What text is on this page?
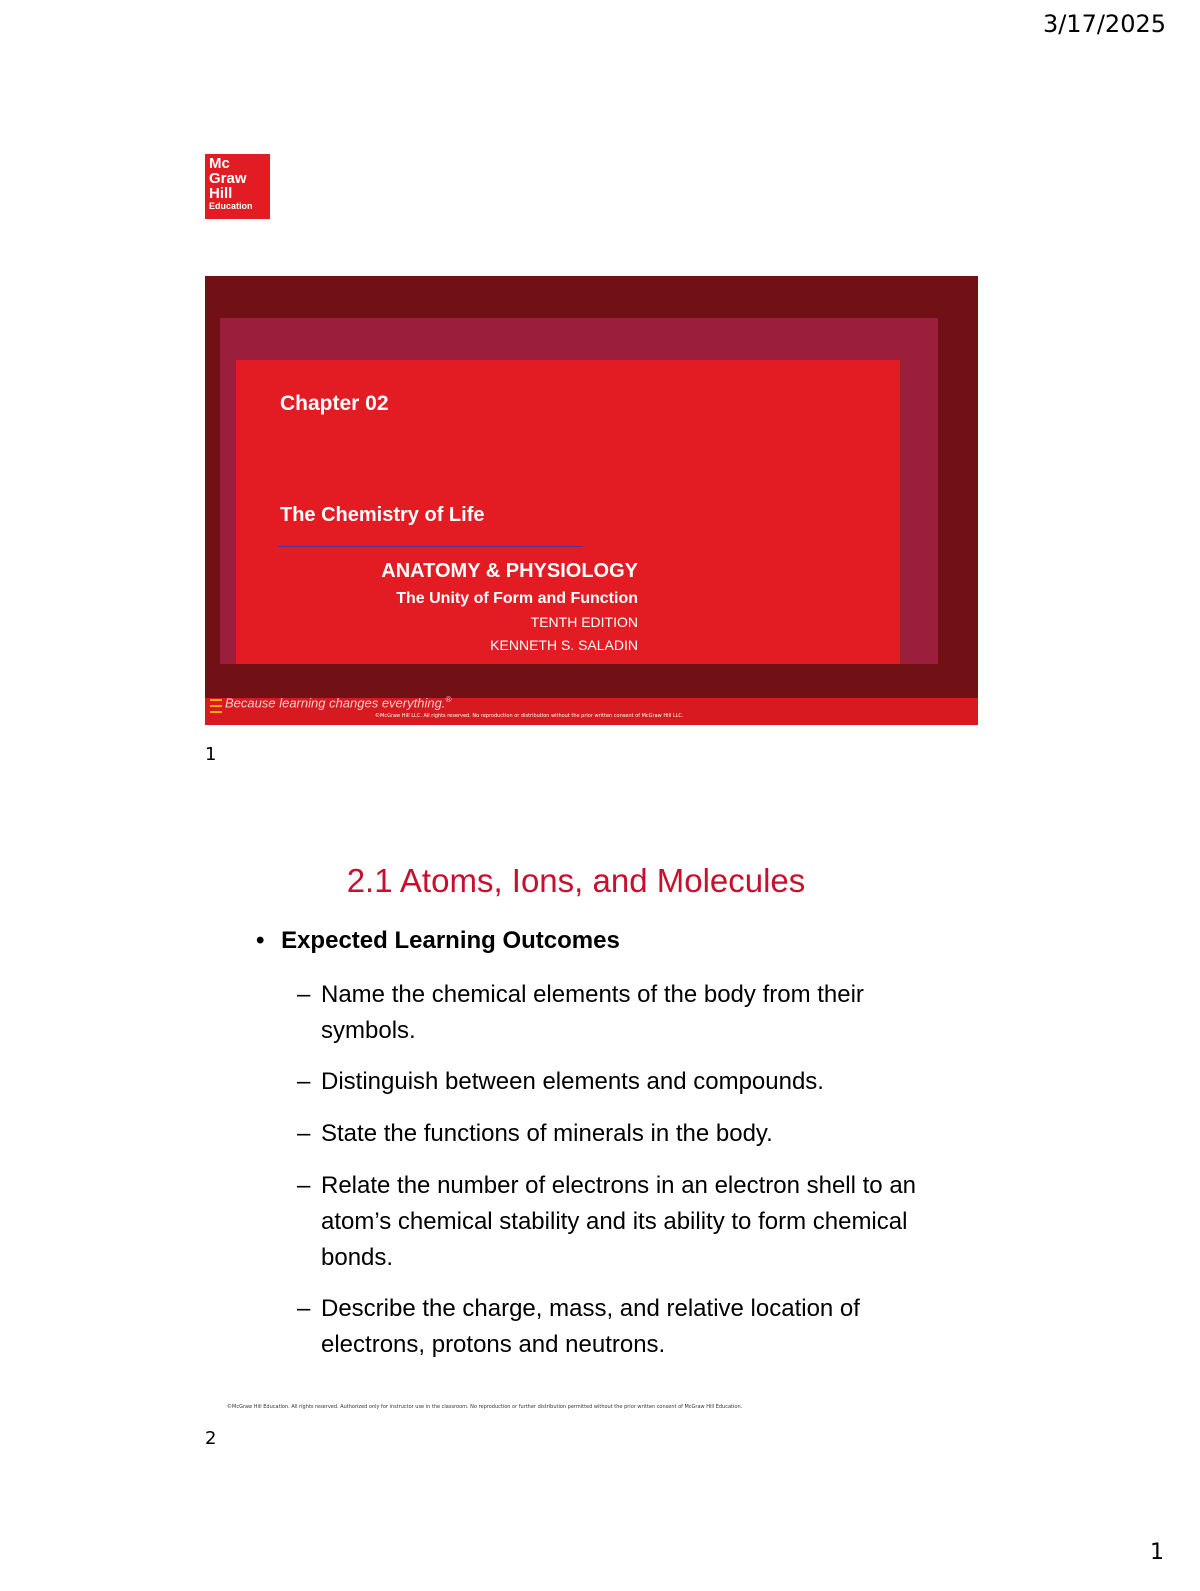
3/17/2025
Mc
Graw
Hill
Education
Chapter 02
The Chemistry of Life
ANATOMY & PHYSIOLOGY
The Unity of Form and Function
TENTH EDITION
KENNETH S. SALADIN
Because learning changes everything.®
©McGraw Hill LLC. All rights reserved. No reproduction or distribution without the prior written consent of McGraw Hill LLC.
1
2.1 Atoms, Ions, and Molecules
• Expected Learning Outcomes
– Name the chemical elements of the body from their symbols.
– Distinguish between elements and compounds.
– State the functions of minerals in the body.
– Relate the number of electrons in an electron shell to an atom’s chemical stability and its ability to form chemical bonds.
– Describe the charge, mass, and relative location of electrons, protons and neutrons.
©McGraw Hill Education. All rights reserved. Authorized only for instructor use in the classroom. No reproduction or further distribution permitted without the prior written consent of McGraw Hill Education.
2
1
